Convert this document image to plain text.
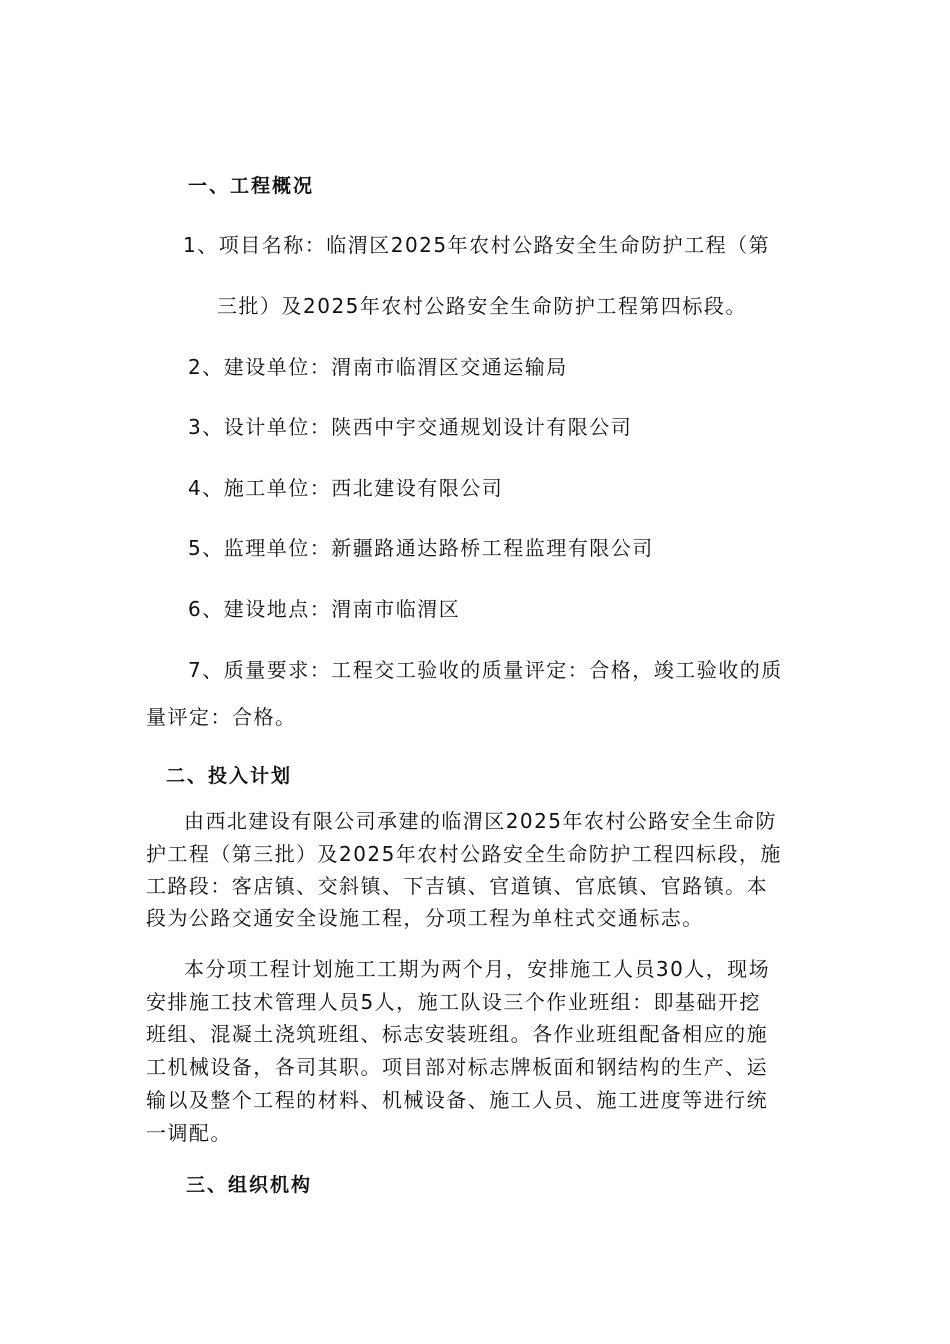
一、工程概况
1、项目名称：临渭区2025年农村公路安全生命防护工程（第
三批）及2025年农村公路安全生命防护工程第四标段。
2、建设单位：渭南市临渭区交通运输局
3、设计单位：陕西中宇交通规划设计有限公司
4、施工单位：西北建设有限公司
5、监理单位：新疆路通达路桥工程监理有限公司
6、建设地点：渭南市临渭区
7、质量要求：工程交工验收的质量评定：合格，竣工验收的质
量评定：合格。
二、投入计划
由西北建设有限公司承建的临渭区2025年农村公路安全生命防
护工程（第三批）及2025年农村公路安全生命防护工程四标段，施
工路段：客店镇、交斜镇、下吉镇、官道镇、官底镇、官路镇。本
段为公路交通安全设施工程，分项工程为单柱式交通标志。
本分项工程计划施工工期为两个月，安排施工人员30人，现场
安排施工技术管理人员5人，施工队设三个作业班组：即基础开挖
班组、混凝土浇筑班组、标志安装班组。各作业班组配备相应的施
工机械设备，各司其职。项目部对标志牌板面和钢结构的生产、运
输以及整个工程的材料、机械设备、施工人员、施工进度等进行统
一调配。
三、组织机构
